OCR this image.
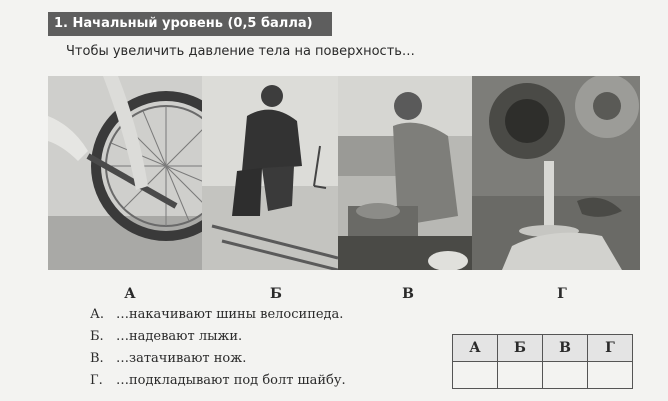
1. Начальный уровень (0,5 балла)
Чтобы увеличить давление тела на поверхность…
А	Б	В	Г
А. …накачивают шины велосипеда.
Б. …надевают лыжи.
В. …затачивают нож.
Г. …подкладывают под болт шайбу.
А	Б	В	Г
